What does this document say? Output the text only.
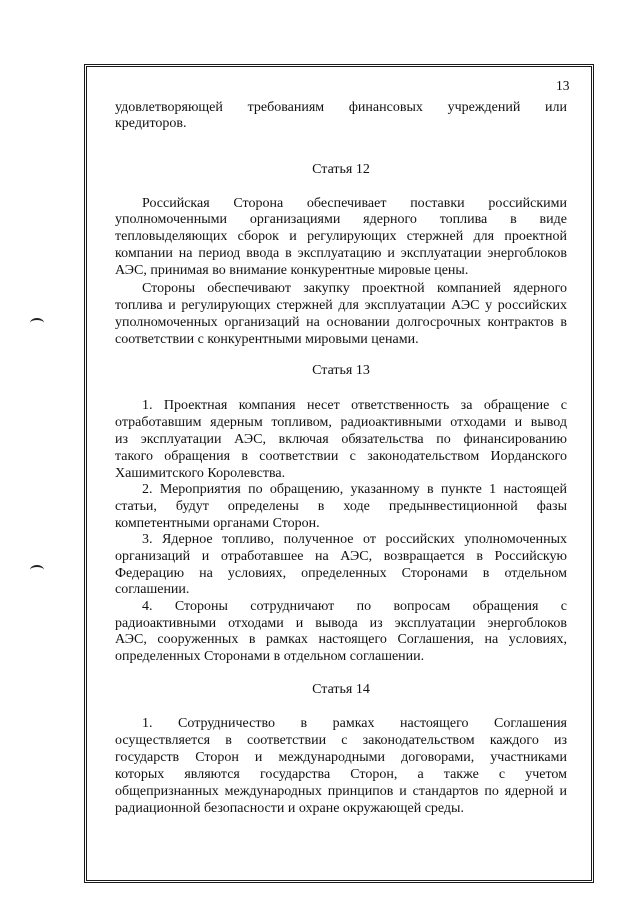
13
удовлетворяющей требованиям финансовых учреждений или
кредиторов.
Статья 12
Российская Сторона обеспечивает поставки российскими
уполномоченными организациями ядерного топлива в виде
тепловыделяющих сборок и регулирующих стержней для проектной
компании на период ввода в эксплуатацию и эксплуатации энергоблоков
АЭС, принимая во внимание конкурентные мировые цены.
Стороны обеспечивают закупку проектной компанией ядерного
топлива и регулирующих стержней для эксплуатации АЭС у российских
уполномоченных организаций на основании долгосрочных контрактов в
соответствии с конкурентными мировыми ценами.
Статья 13
1. Проектная компания несет ответственность за обращение с
отработавшим ядерным топливом, радиоактивными отходами и вывод
из эксплуатации АЭС, включая обязательства по финансированию
такого обращения в соответствии с законодательством Иорданского
Хашимитского Королевства.
2. Мероприятия по обращению, указанному в пункте 1 настоящей
статьи, будут определены в ходе предынвестиционной фазы
компетентными органами Сторон.
3. Ядерное топливо, полученное от российских уполномоченных
организаций и отработавшее на АЭС, возвращается в Российскую
Федерацию на условиях, определенных Сторонами в отдельном
соглашении.
4. Стороны сотрудничают по вопросам обращения с
радиоактивными отходами и вывода из эксплуатации энергоблоков
АЭС, сооруженных в рамках настоящего Соглашения, на условиях,
определенных Сторонами в отдельном соглашении.
Статья 14
1. Сотрудничество в рамках настоящего Соглашения
осуществляется в соответствии с законодательством каждого из
государств Сторон и международными договорами, участниками
которых являются государства Сторон, а также с учетом
общепризнанных международных принципов и стандартов по ядерной и
радиационной безопасности и охране окружающей среды.
